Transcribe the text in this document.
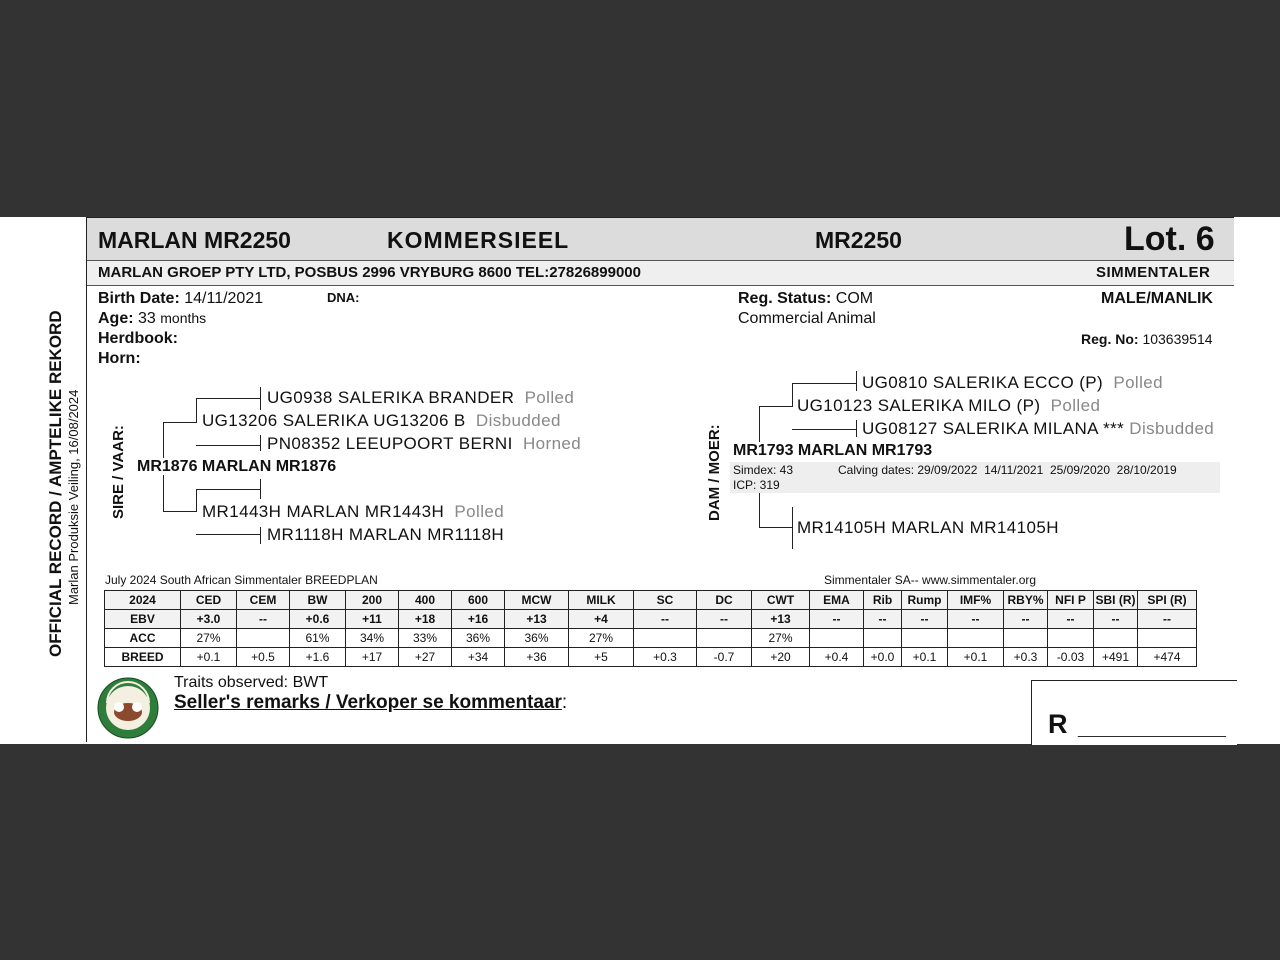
OFFICIAL RECORD / AMPTELIKE REKORD Marlan Produksie Veiling, 16/08/2024
MARLAN MR2250	KOMMERSIEEL	MR2250	Lot. 6
MARLAN GROEP PTY LTD, POSBUS 2996 VRYBURG 8600 TEL:27826899000	SIMMENTALER
Birth Date: 14/11/2021	DNA:
Age: 33 months
Herdbook:
Horn:
Reg. Status: COM
Commercial Animal
MALE/MANLIK
Reg. No: 103639514
SIRE / VAAR:
UG0938 SALERIKA BRANDER Polled
UG13206 SALERIKA UG13206 B Disbudded
PN08352 LEEUPOORT BERNI Horned
MR1876 MARLAN MR1876
MR1443H MARLAN MR1443H Polled
MR1118H MARLAN MR1118H
DAM / MOER:
UG0810 SALERIKA ECCO (P) Polled
UG10123 SALERIKA MILO (P) Polled
UG08127 SALERIKA MILANA *** Disbudded
MR1793 MARLAN MR1793
Simdex: 43
ICP: 319
Calving dates: 29/09/2022  14/11/2021  25/09/2020  28/10/2019
MR14105H MARLAN MR14105H
July 2024 South African Simmentaler BREEDPLAN	Simmentaler SA-- www.simmentaler.org
2024	CED	CEM	BW	200	400	600	MCW	MILK	SC	DC	CWT	EMA	Rib	Rump	IMF%	RBY%	NFI P	SBI (R)	SPI (R)
EBV	+3.0	--	+0.6	+11	+18	+16	+13	+4	--	--	+13	--	--	--	--	--	--	--	--
ACC	27%		61%	34%	33%	36%	36%	27%			27%								
BREED	+0.1	+0.5	+1.6	+17	+27	+34	+36	+5	+0.3	-0.7	+20	+0.4	+0.0	+0.1	+0.1	+0.3	-0.03	+491	+474
Traits observed: BWT
Seller's remarks / Verkoper se kommentaar:
R ___________________
